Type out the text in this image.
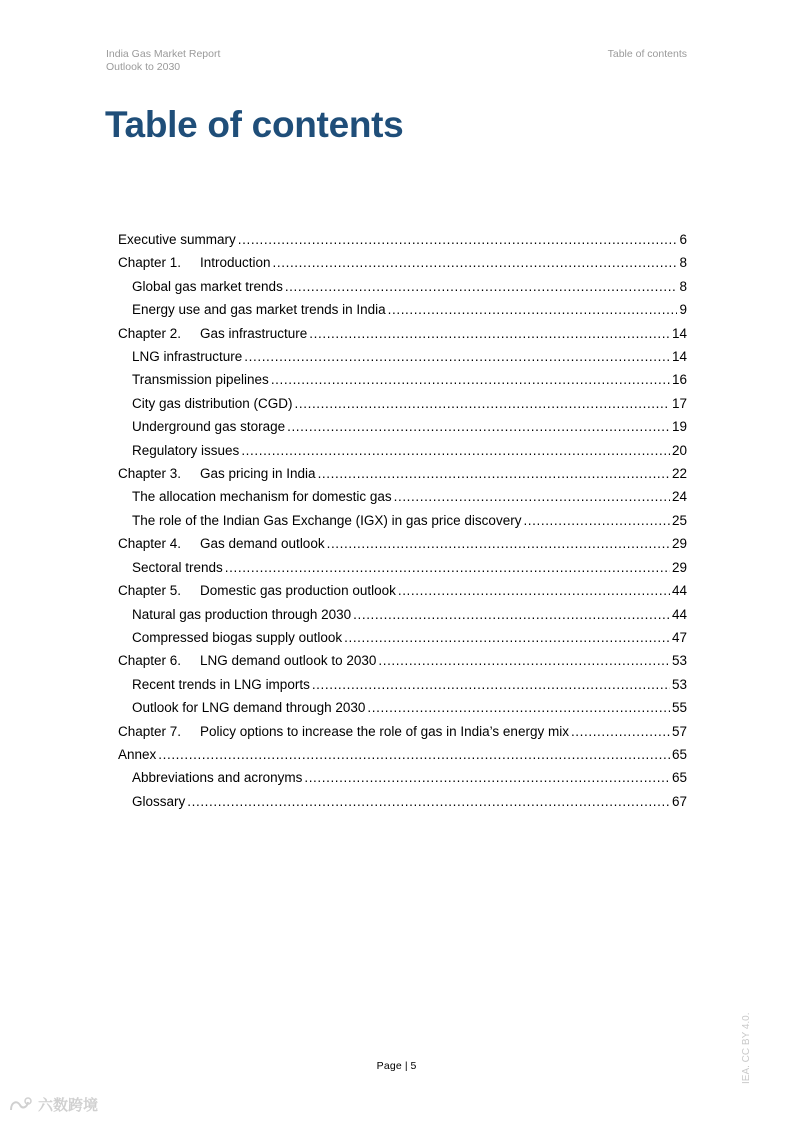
India Gas Market Report
Outlook to 2030
Table of contents
Table of contents
Executive summary .....	6
Chapter 1. Introduction .....	8
Global gas market trends .....	8
Energy use and gas market trends in India .....	9
Chapter 2. Gas infrastructure .....	14
LNG infrastructure .....	14
Transmission pipelines .....	16
City gas distribution (CGD) .....	17
Underground gas storage .....	19
Regulatory issues .....	20
Chapter 3. Gas pricing in India .....	22
The allocation mechanism for domestic gas .....	24
The role of the Indian Gas Exchange (IGX) in gas price discovery .....	25
Chapter 4. Gas demand outlook .....	29
Sectoral trends .....	29
Chapter 5. Domestic gas production outlook .....	44
Natural gas production through 2030 .....	44
Compressed biogas supply outlook .....	47
Chapter 6. LNG demand outlook to 2030 .....	53
Recent trends in LNG imports .....	53
Outlook for LNG demand through 2030 .....	55
Chapter 7. Policy options to increase the role of gas in India’s energy mix .....	57
Annex .....	65
Abbreviations and acronyms .....	65
Glossary .....	67
Page | 5	IEA. CC BY 4.0.
六数跨境
